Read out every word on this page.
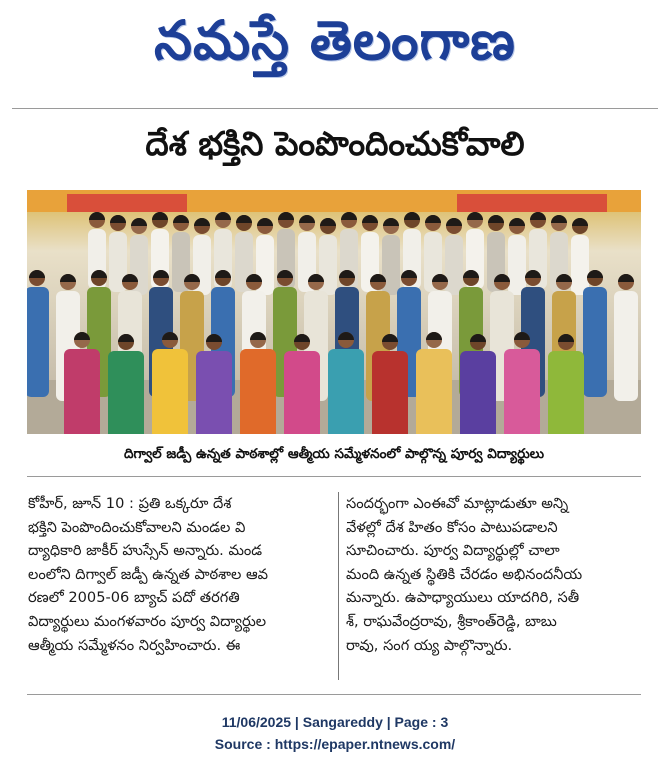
నమస్తే తెలంగాణ
దేశ భక్తిని పెంపొందించుకోవాలి
దిగ్వాల్ జడ్పీ ఉన్నత పాఠశాల్లో ఆత్మీయ సమ్మేళనంలో పాల్గొన్న పూర్వ విద్యార్థులు

కోహీర్, జూన్ 10 : ప్రతి ఒక్కరూ దేశ

భక్తిని పెంపొందించుకోవాలని మండల వి

ద్యాధికారి జాకీర్ హుస్సేన్ అన్నారు. మండ

లంలోని దిగ్వాల్ జడ్పీ ఉన్నత పాఠశాల ఆవ

రణలో 2005-06 బ్యాచ్ పదో తరగతి

విద్యార్థులు మంగళవారం పూర్వ విద్యార్థుల

ఆత్మీయ సమ్మేళనం నిర్వహించారు. ఈ

సందర్భంగా ఎంఈవో మాట్లాడుతూ అన్ని

వేళల్లో దేశ హితం కోసం పాటుపడాలని

సూచించారు. పూర్వ విద్యార్థుల్లో చాలా

మంది ఉన్నత స్థితికి చేరడం అభినందనీయ

మన్నారు. ఉపాధ్యాయులు యాదగిరి, సతీ

శ్, రాఘవేంద్రరావు, శ్రీకాంత్‌రెడ్డి, బాబు

రావు, సంగ య్య పాల్గొన్నారు.

11/06/2025 | Sangareddy | Page : 3
Source : https://epaper.ntnews.com/
